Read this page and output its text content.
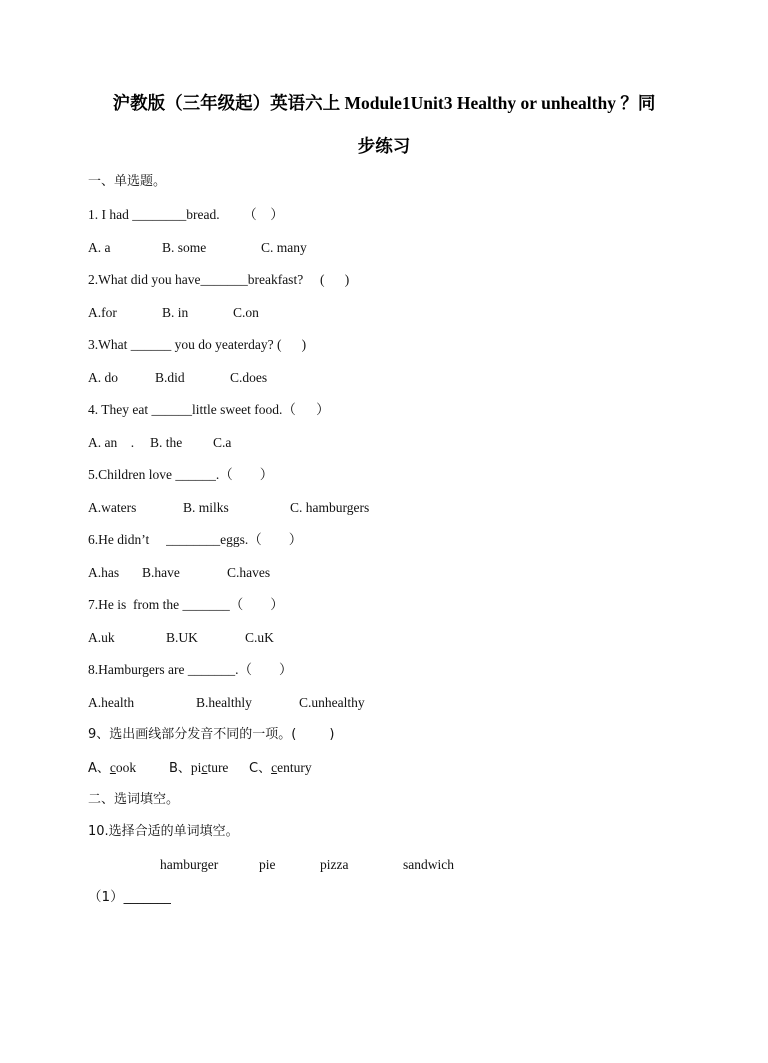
沪教版（三年级起）英语六上 Module1Unit3 Healthy or unhealthy ？同
步练习
一、单选题。
1. I had ________bread.       （    ）
A. a	B. some	C. many
2.What did you have_______breakfast?     (      )
A.for	B. in	C.on
3.What ______ you do yeaterday? (      )
A. do	B.did	C.does
4. They eat ______little sweet food.（      ）
A. an    . B. the C.a
5.Children love ______.（        ）
A.waters	B. milks	C. hamburgers
6.He didn’t     ________eggs.（        ）
A.has B.have	C.haves
7.He is  from the _______（        ）
A.uk	B.UK	C.uK
8.Hamburgers are _______.（        ）
A.health	B.healthly	C.unhealthy
9、选出画线部分发音不同的一项。(        )
A、cook	B、picture C、century
二、选词填空。
10.选择合适的单词填空。
hamburger	pie	pizza	sandwich
（1）_______
